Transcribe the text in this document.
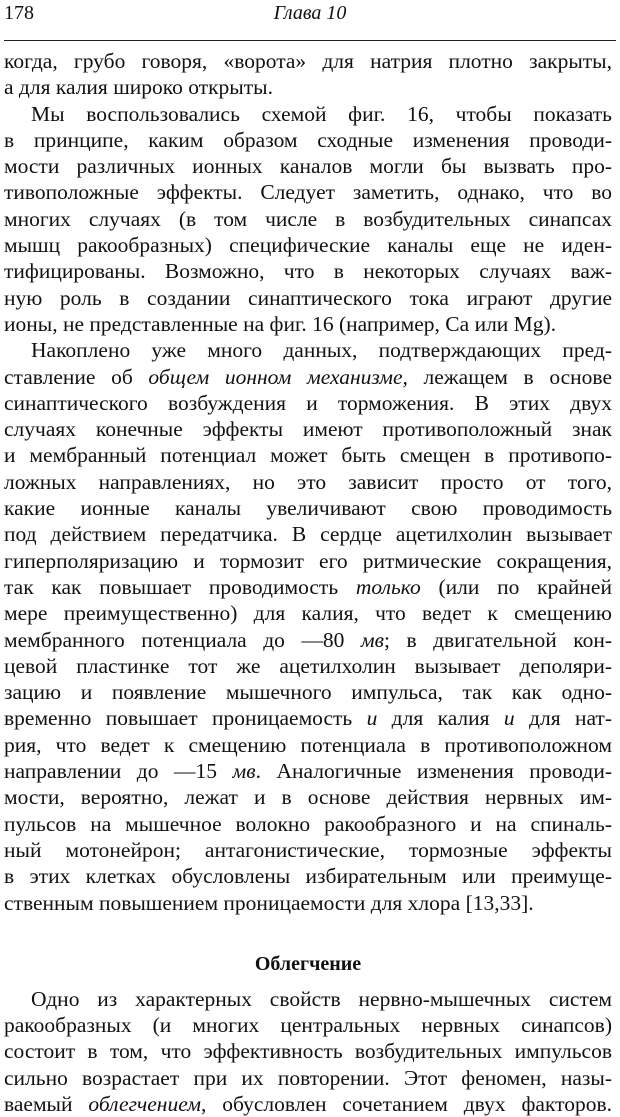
178	Глава 10
когда, грубо говоря, «ворота» для натрия плотно закрыты,
а для калия широко открыты.
Мы воспользовались схемой фиг. 16, чтобы показать
в принципе, каким образом сходные изменения проводи-
мости различных ионных каналов могли бы вызвать про-
тивоположные эффекты. Следует заметить, однако, что во
многих случаях (в том числе в возбудительных синапсах
мышц ракообразных) специфические каналы еще не иден-
тифицированы. Возможно, что в некоторых случаях важ-
ную роль в создании синаптического тока играют другие
ионы, не представленные на фиг. 16 (например, Ca или Mg).
Накоплено уже много данных, подтверждающих пред-
ставление об общем ионном механизме, лежащем в основе
синаптического возбуждения и торможения. В этих двух
случаях конечные эффекты имеют противоположный знак
и мембранный потенциал может быть смещен в противопо-
ложных направлениях, но это зависит просто от того,
какие ионные каналы увеличивают свою проводимость
под действием передатчика. В сердце ацетилхолин вызывает
гиперполяризацию и тормозит его ритмические сокращения,
так как повышает проводимость только (или по крайней
мере преимущественно) для калия, что ведет к смещению
мембранного потенциала до —80 мв; в двигательной кон-
цевой пластинке тот же ацетилхолин вызывает деполяри-
зацию и появление мышечного импульса, так как одно-
временно повышает проницаемость и для калия и для нат-
рия, что ведет к смещению потенциала в противоположном
направлении до —15 мв. Аналогичные изменения проводи-
мости, вероятно, лежат и в основе действия нервных им-
пульсов на мышечное волокно ракообразного и на спиналь-
ный мотонейрон; антагонистические, тормозные эффекты
в этих клетках обусловлены избирательным или преимуще-
ственным повышением проницаемости для хлора [13,33].
Облегчение
Одно из характерных свойств нервно-мышечных систем
ракообразных (и многих центральных нервных синапсов)
состоит в том, что эффективность возбудительных импульсов
сильно возрастает при их повторении. Этот феномен, назы-
ваемый облегчением, обусловлен сочетанием двух факторов.
